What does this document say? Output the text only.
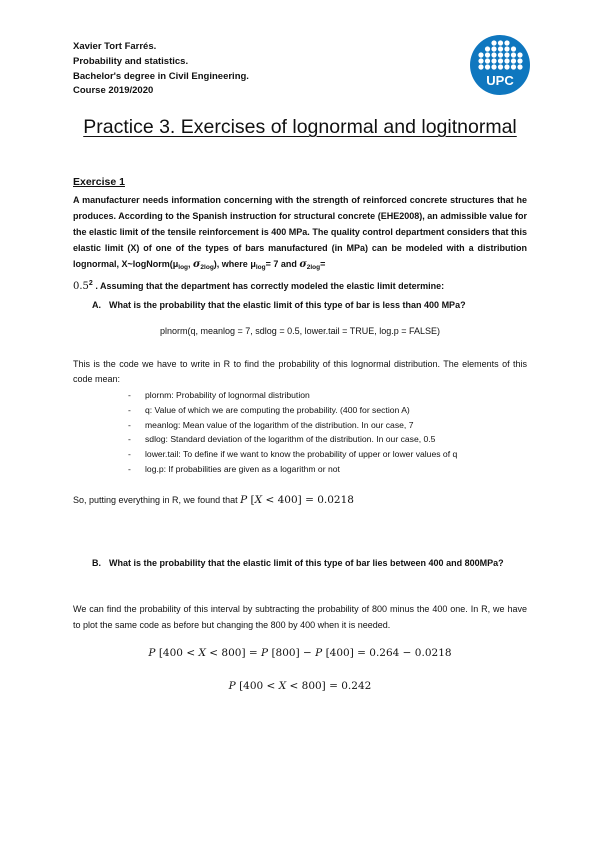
Xavier Tort Farrés.
Probability and statistics.
Bachelor's degree in Civil Engineering.
Course 2019/2020
UPC
Practice 3. Exercises of lognormal and logitnormal
Exercise 1
A manufacturer needs information concerning with the strength of reinforced concrete structures that he produces. According to the Spanish instruction for structural concrete (EHE2008), an admissible value for the elastic limit of the tensile reinforcement is 400 MPa. The quality control department considers that this elastic limit (X) of one of the types of bars manufactured (in MPa) can be modeled with a distribution lognormal, $X\sim logNorm(\mu_{log}$, $\sigma_{2log}$), where $\mu_{log}= 7$ and $\sigma_{2log}=$
$0.5^2$ . Assuming that the department has correctly modeled the elastic limit determine:
A. What is the probability that the elastic limit of this type of bar is less than 400 MPa?
plnorm(q, meanlog = 7, sdlog = 0.5, lower.tail = TRUE, log.p = FALSE)
This is the code we have to write in R to find the probability of this lognormal distribution. The elements of this code mean:
- plornm: Probability of lognormal distribution
- q: Value of which we are computing the probability. (400 for section A)
- meanlog: Mean value of the logarithm of the distribution. In our case, 7
- sdlog: Standard deviation of the logarithm of the distribution. In our case, 0.5
- lower.tail: To define if we want to know the probability of upper or lower values of q
- log.p: If probabilities are given as a logarithm or not
So, putting everything in R, we found that P [X < 400] = 0.0218
B. What is the probability that the elastic limit of this type of bar lies between 400 and 800MPa?
We can find the probability of this interval by subtracting the probability of 800 minus the 400 one. In R, we have to plot the same code as before but changing the 800 by 400 when it is needed.
P [400 < X < 800] = P [800] − P [400] = 0.264 − 0.0218
P [400 < X < 800] = 0.242
